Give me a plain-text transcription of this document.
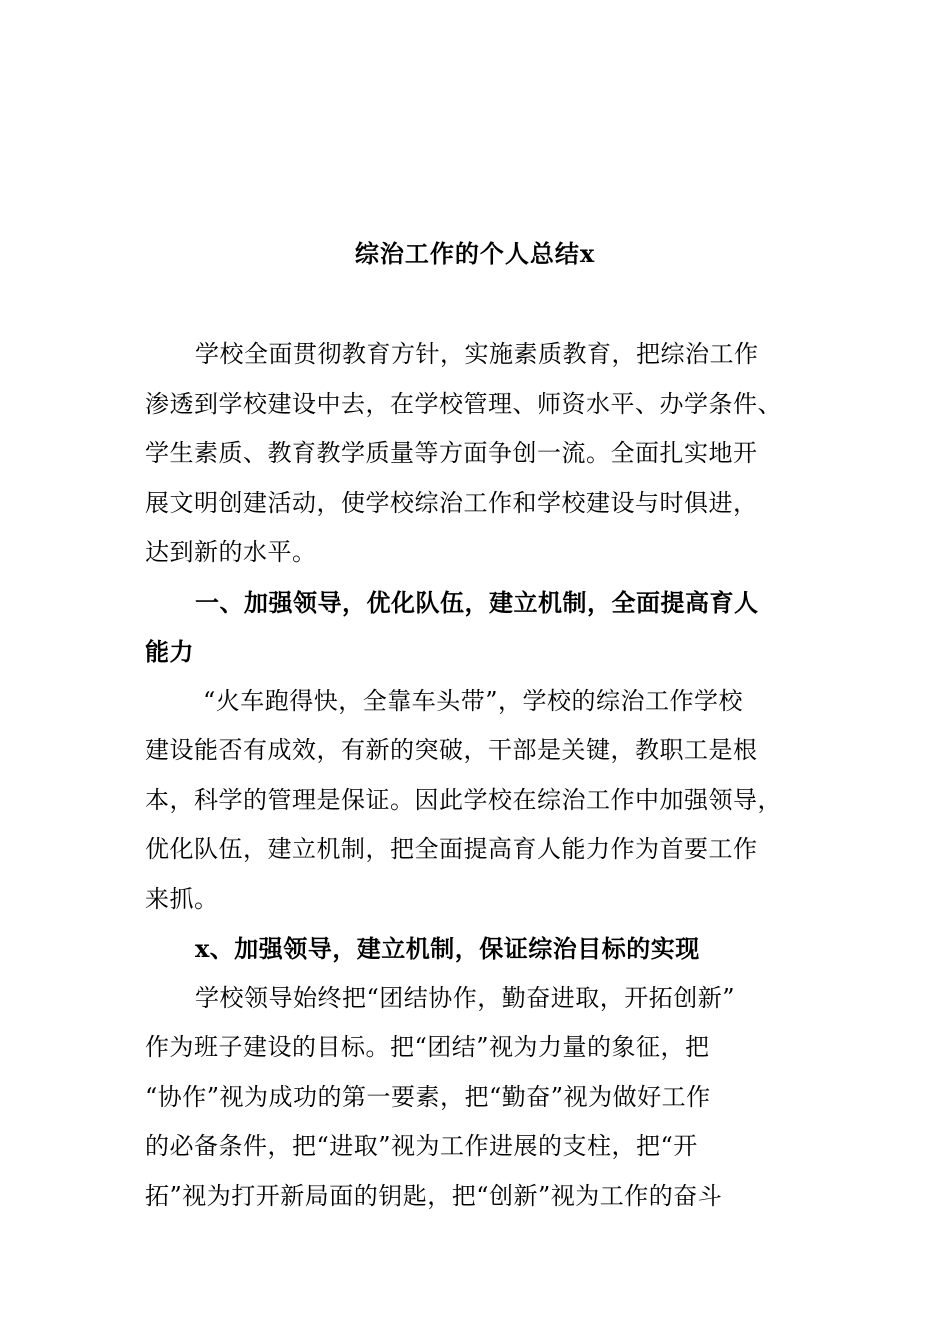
综治工作的个人总结x
学校全面贯彻教育方针，实施素质教育，把综治工作
渗透到学校建设中去，在学校管理、师资水平、办学条件、
学生素质、教育教学质量等方面争创一流。全面扎实地开
展文明创建活动，使学校综治工作和学校建设与时俱进，
达到新的水平。
一、加强领导，优化队伍，建立机制，全面提高育人
能力
“火车跑得快，全靠车头带”，学校的综治工作学校
建设能否有成效，有新的突破，干部是关键，教职工是根
本，科学的管理是保证。因此学校在综治工作中加强领导，
优化队伍，建立机制，把全面提高育人能力作为首要工作
来抓。
x、加强领导，建立机制，保证综治目标的实现
学校领导始终把“团结协作，勤奋进取，开拓创新”
作为班子建设的目标。把“团结”视为力量的象征，把
“协作”视为成功的第一要素，把“勤奋”视为做好工作
的必备条件，把“进取”视为工作进展的支柱，把“开
拓”视为打开新局面的钥匙，把“创新”视为工作的奋斗
